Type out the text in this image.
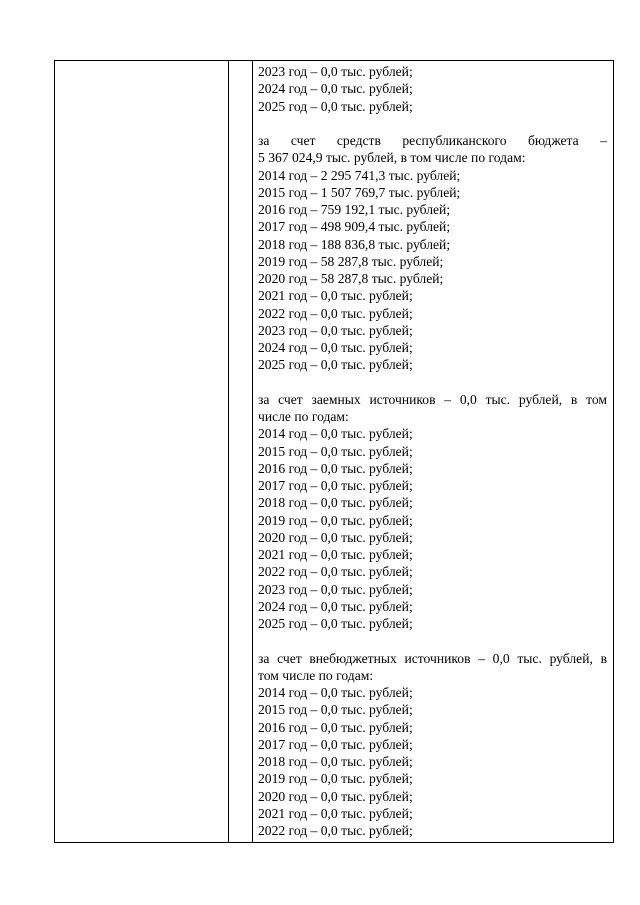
2023 год – 0,0 тыс. рублей;
2024 год – 0,0 тыс. рублей;
2025 год – 0,0 тыс. рублей;
за счет средств республиканского бюджета –
5 367 024,9 тыс. рублей, в том числе по годам:
2014 год – 2 295 741,3 тыс. рублей;
2015 год – 1 507 769,7 тыс. рублей;
2016 год – 759 192,1 тыс. рублей;
2017 год – 498 909,4 тыс. рублей;
2018 год – 188 836,8 тыс. рублей;
2019 год – 58 287,8 тыс. рублей;
2020 год – 58 287,8 тыс. рублей;
2021 год – 0,0 тыс. рублей;
2022 год – 0,0 тыс. рублей;
2023 год – 0,0 тыс. рублей;
2024 год – 0,0 тыс. рублей;
2025 год – 0,0 тыс. рублей;
за счет заемных источников – 0,0 тыс. рублей, в том
числе по годам:
2014 год – 0,0 тыс. рублей;
2015 год – 0,0 тыс. рублей;
2016 год – 0,0 тыс. рублей;
2017 год – 0,0 тыс. рублей;
2018 год – 0,0 тыс. рублей;
2019 год – 0,0 тыс. рублей;
2020 год – 0,0 тыс. рублей;
2021 год – 0,0 тыс. рублей;
2022 год – 0,0 тыс. рублей;
2023 год – 0,0 тыс. рублей;
2024 год – 0,0 тыс. рублей;
2025 год – 0,0 тыс. рублей;
за счет внебюджетных источников – 0,0 тыс. рублей, в
том числе по годам:
2014 год – 0,0 тыс. рублей;
2015 год – 0,0 тыс. рублей;
2016 год – 0,0 тыс. рублей;
2017 год – 0,0 тыс. рублей;
2018 год – 0,0 тыс. рублей;
2019 год – 0,0 тыс. рублей;
2020 год – 0,0 тыс. рублей;
2021 год – 0,0 тыс. рублей;
2022 год – 0,0 тыс. рублей;
